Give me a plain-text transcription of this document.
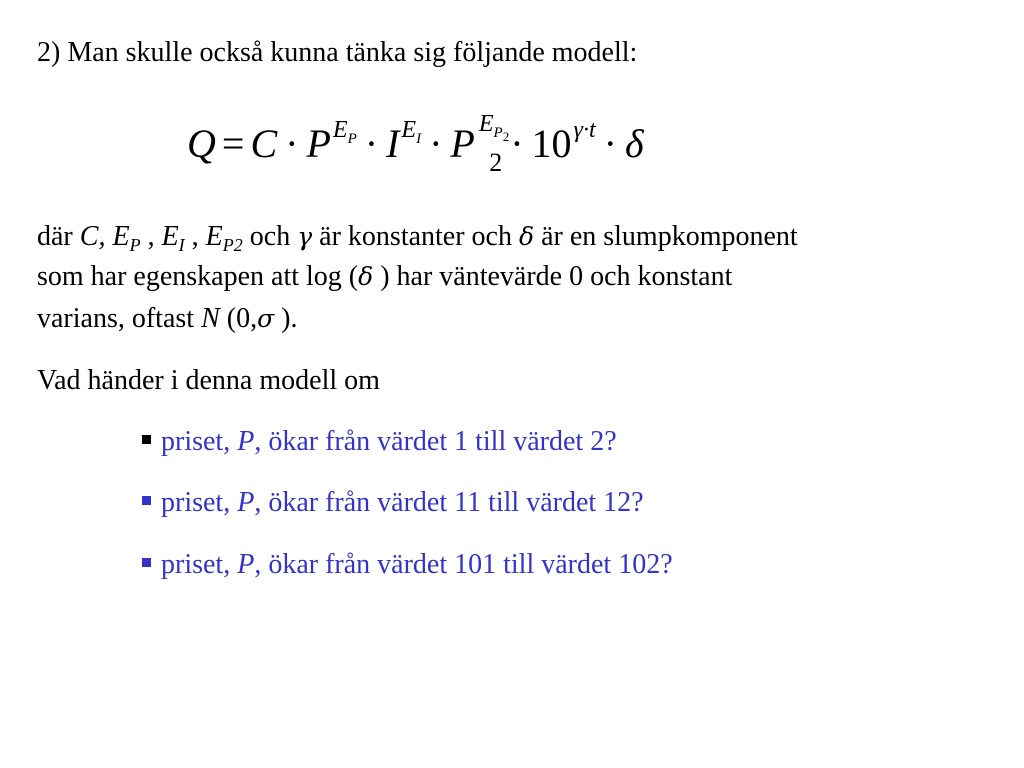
2) Man skulle också kunna tänka sig följande modell:
$Q = C \cdot PE_P \cdot IE_I \cdot P$ $E_{P2}2 \cdot 10\gamma\cdot t \cdot \delta$
där C, $E_P$ , $E_I$ , $E_{P2}$ och γ är konstanter och δ är en slumpkomponent
som har egenskapen att log (δ ) har väntevärde 0 och konstant
varians, oftast N (0,σ ).
Vad händer i denna modell om
priset, P, ökar från värdet 1 till värdet 2?
priset, P, ökar från värdet 11 till värdet 12?
priset, P, ökar från värdet 101 till värdet 102?
